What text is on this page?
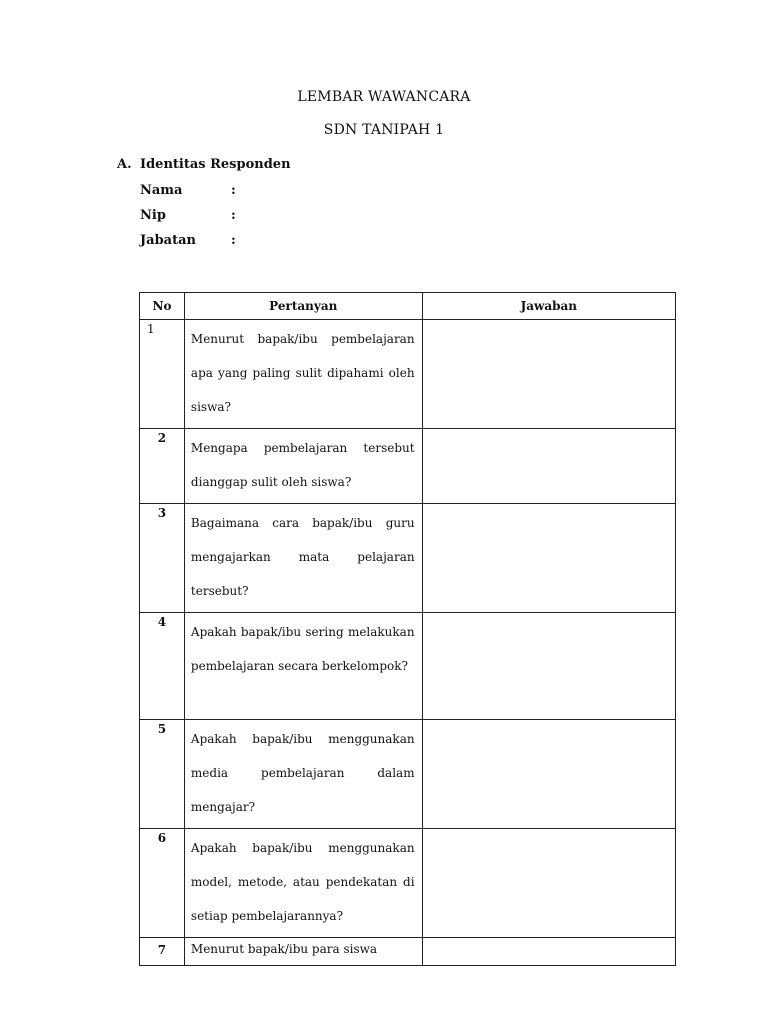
LEMBAR WAWANCARA
SDN TANIPAH 1
A. Identitas Responden
Nama	:
Nip	:
Jabatan	:
No	Pertanyan	Jawaban
1	Menurut bapak/ibu pembelajaran apa yang paling sulit dipahami oleh siswa?	
2	Mengapa pembelajaran tersebut dianggap sulit oleh siswa?	
3	Bagaimana cara bapak/ibu guru mengajarkan mata pelajaran tersebut?	
4	Apakah bapak/ibu sering melakukan pembelajaran secara berkelompok?	
5	Apakah bapak/ibu menggunakan media pembelajaran dalam mengajar?	
6	Apakah bapak/ibu menggunakan model, metode, atau pendekatan di setiap pembelajarannya?	
7	Menurut bapak/ibu para siswa	
